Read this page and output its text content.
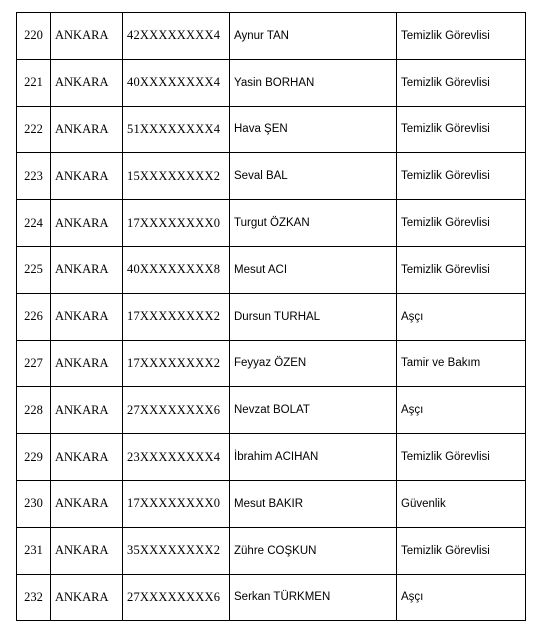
220	ANKARA	42XXXXXXXX4	Aynur TAN	Temizlik Görevlisi
221	ANKARA	40XXXXXXXX4	Yasin BORHAN	Temizlik Görevlisi
222	ANKARA	51XXXXXXXX4	Hava ŞEN	Temizlik Görevlisi
223	ANKARA	15XXXXXXXX2	Seval BAL	Temizlik Görevlisi
224	ANKARA	17XXXXXXXX0	Turgut ÖZKAN	Temizlik Görevlisi
225	ANKARA	40XXXXXXXX8	Mesut ACI	Temizlik Görevlisi
226	ANKARA	17XXXXXXXX2	Dursun TURHAL	Aşçı
227	ANKARA	17XXXXXXXX2	Feyyaz ÖZEN	Tamir ve Bakım
228	ANKARA	27XXXXXXXX6	Nevzat BOLAT	Aşçı
229	ANKARA	23XXXXXXXX4	İbrahim ACIHAN	Temizlik Görevlisi
230	ANKARA	17XXXXXXXX0	Mesut BAKIR	Güvenlik
231	ANKARA	35XXXXXXXX2	Zühre COŞKUN	Temizlik Görevlisi
232	ANKARA	27XXXXXXXX6	Serkan TÜRKMEN	Aşçı
